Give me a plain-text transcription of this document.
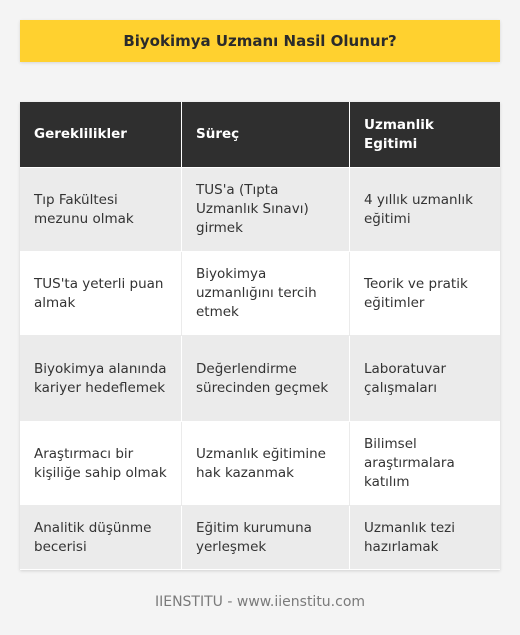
Biyokimya Uzmanı Nasil Olunur?
Gereklilikler	Süreç
Uzmanlik Egitimi
Tıp Fakültesi mezunu olmak
TUS'a (Tıpta Uzmanlık Sınavı) girmek
4 yıllık uzmanlık eğitimi
TUS'ta yeterli puan almak
Biyokimya uzmanlığını tercih etmek
Teorik ve pratik eğitimler
Biyokimya alanında kariyer hedeflemek
Değerlendirme sürecinden geçmek
Laboratuvar çalışmaları
Araştırmacı bir kişiliğe sahip olmak
Uzmanlık eğitimine hak kazanmak
Bilimsel araştırmalara katılım
Analitik düşünme becerisi
Eğitim kurumuna yerleşmek
Uzmanlık tezi hazırlamak
IIENSTITU - www.iienstitu.com
